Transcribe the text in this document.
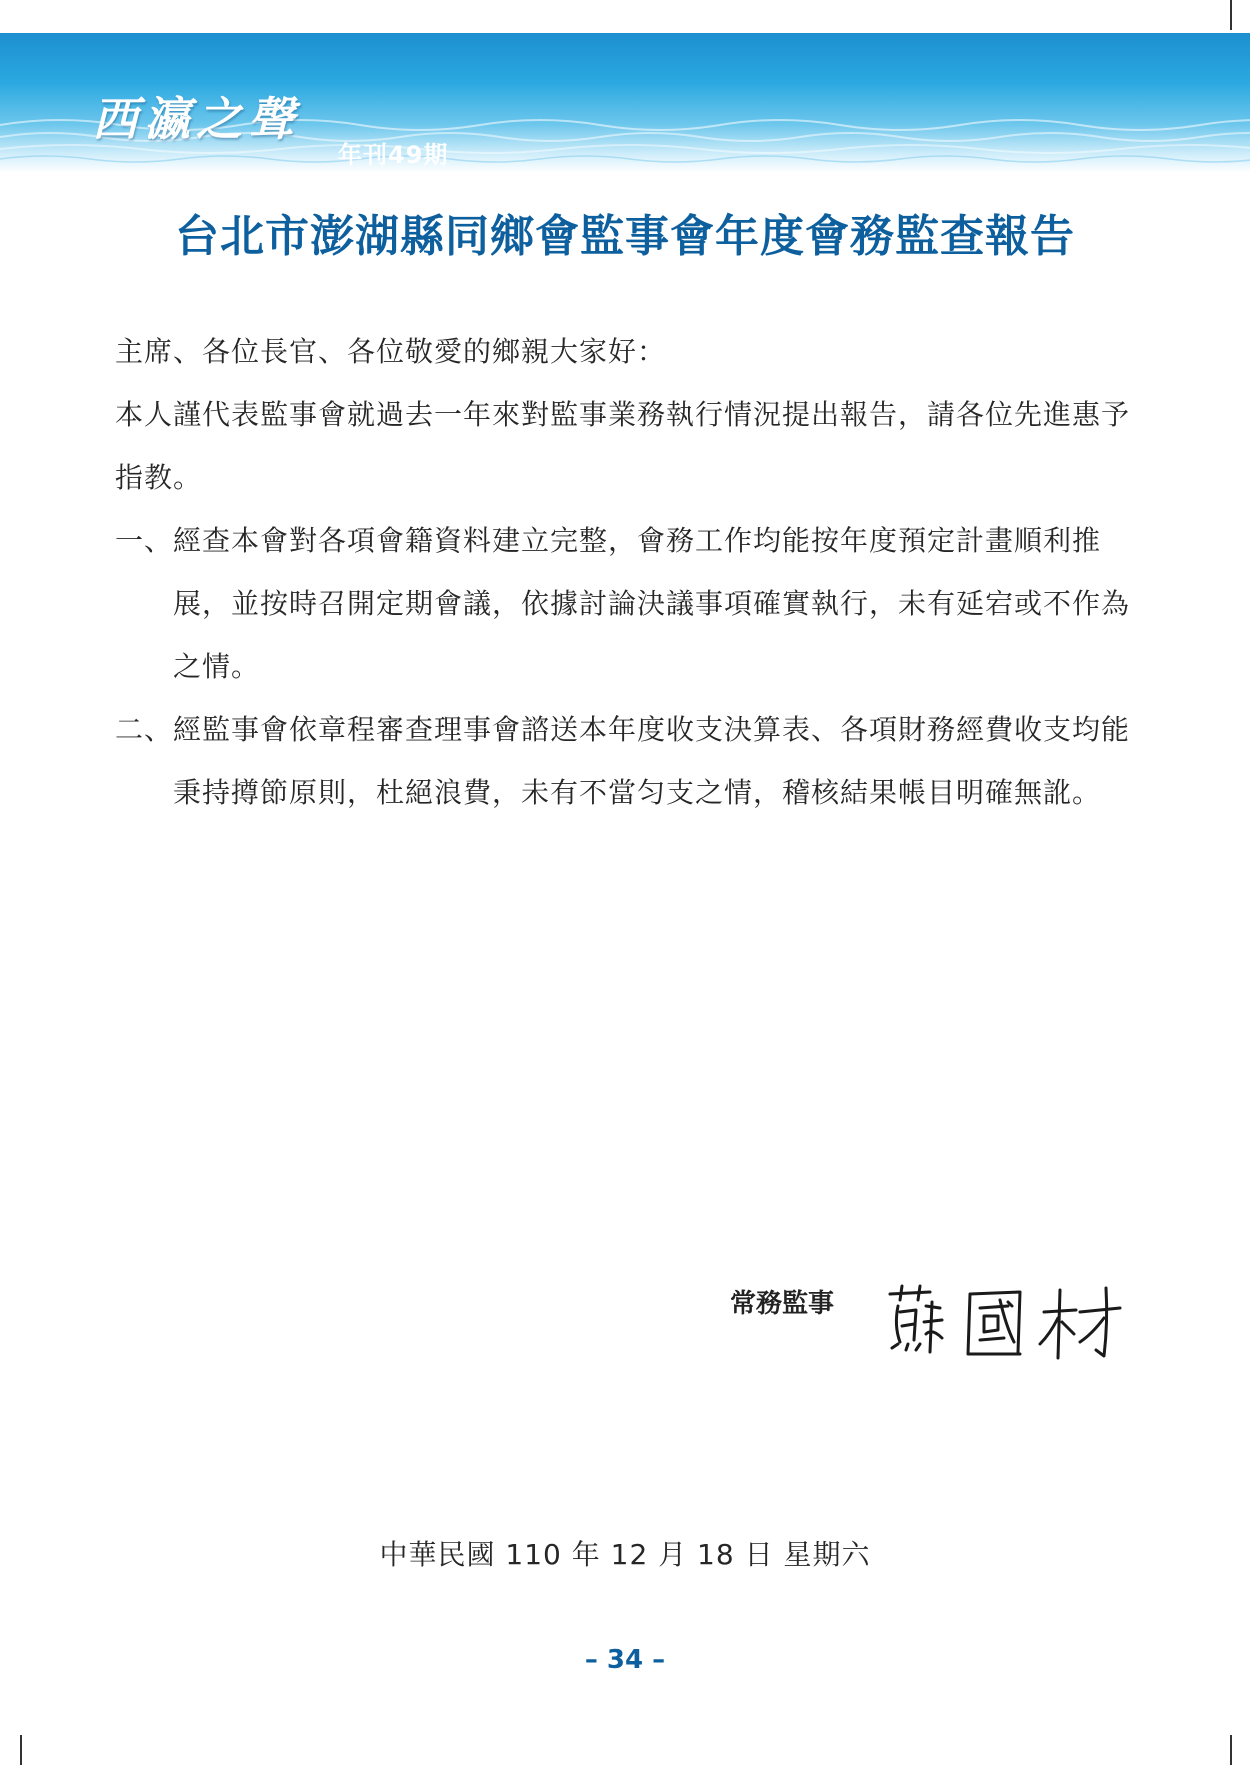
西瀛之聲
年刊49期
台北市澎湖縣同鄉會監事會年度會務監查報告

主席、各位長官、各位敬愛的鄉親大家好：

本人謹代表監事會就過去一年來對監事業務執行情況提出報告，請各位先進惠予指教。

一、 經查本會對各項會籍資料建立完整，會務工作均能按年度預定計畫順利推展，並按時召開定期會議，依據討論決議事項確實執行，未有延宕或不作為之情。
二、 經監事會依章程審查理事會諮送本年度收支決算表、各項財務經費收支均能秉持撙節原則，杜絕浪費，未有不當匀支之情，稽核結果帳目明確無訛。
常務監事
中華民國 110 年 12 月 18 日 星期六
– 34 –
